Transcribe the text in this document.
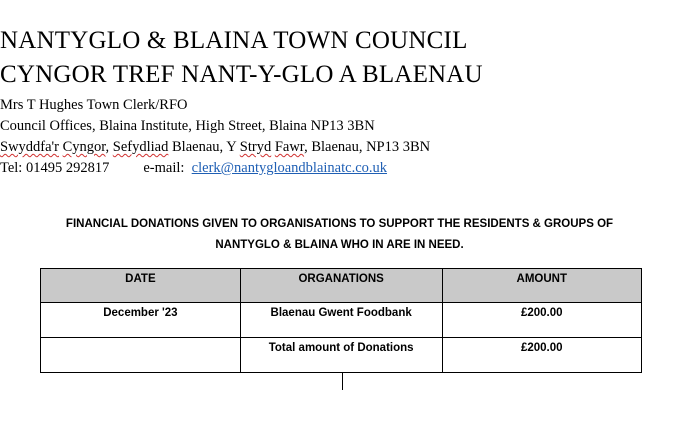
NANTYGLO & BLAINA TOWN COUNCIL
CYNGOR TREF NANT-Y-GLO A BLAENAU
Mrs T Hughes Town Clerk/RFO
Council Offices, Blaina Institute, High Street, Blaina NP13 3BN
Swyddfa'r Cyngor, Sefydliad Blaenau, Y Stryd Fawr, Blaenau, NP13 3BN
Tel: 01495 292817 e-mail: clerk@nantygloandblainatc.co.uk
FINANCIAL DONATIONS GIVEN TO ORGANISATIONS TO SUPPORT THE RESIDENTS & GROUPS OF
NANTYGLO & BLAINA WHO IN ARE IN NEED.
DATE	ORGANATIONS	AMOUNT
December '23	Blaenau Gwent Foodbank	£200.00
	Total amount of Donations	£200.00
